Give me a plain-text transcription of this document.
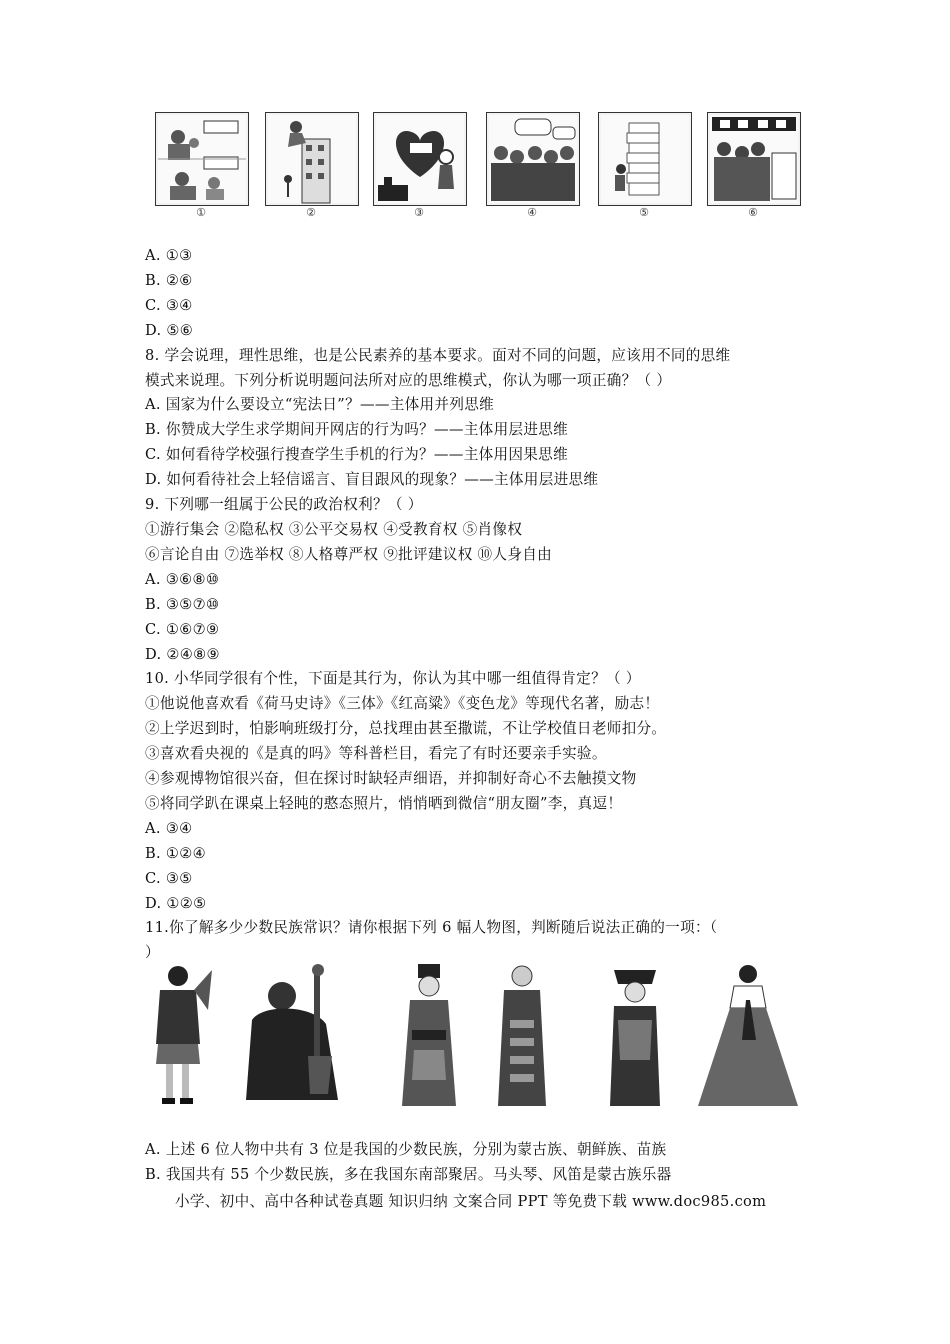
①	②	③	④	⑤	⑥
A. ①③
B. ②⑥
C. ③④
D. ⑤⑥
8. 学会说理，理性思维，也是公民素养的基本要求。面对不同的问题，应该用不同的思维
模式来说理。下列分析说明题问法所对应的思维模式，你认为哪一项正确？（ ）
A. 国家为什么要设立“宪法日”？——主体用并列思维
B. 你赞成大学生求学期间开网店的行为吗？——主体用层进思维
C. 如何看待学校强行搜查学生手机的行为？——主体用因果思维
D. 如何看待社会上轻信谣言、盲目跟风的现象？——主体用层进思维
9. 下列哪一组属于公民的政治权利？（ ）
①游行集会 ②隐私权 ③公平交易权 ④受教育权 ⑤肖像权
⑥言论自由 ⑦选举权 ⑧人格尊严权 ⑨批评建议权 ⑩人身自由
A. ③⑥⑧⑩
B. ③⑤⑦⑩
C. ①⑥⑦⑨
D. ②④⑧⑨
10. 小华同学很有个性，下面是其行为，你认为其中哪一组值得肯定？（ ）
①他说他喜欢看《荷马史诗》《三体》《红高粱》《变色龙》等现代名著，励志！
②上学迟到时，怕影响班级打分，总找理由甚至撒谎，不让学校值日老师扣分。
③喜欢看央视的《是真的吗》等科普栏目，看完了有时还要亲手实验。
④参观博物馆很兴奋，但在探讨时缺轻声细语，并抑制好奇心不去触摸文物
⑤将同学趴在课桌上轻盹的憨态照片，悄悄晒到微信“朋友圈”李，真逗！
A. ③④
B. ①②④
C. ③⑤
D. ①②⑤
11.你了解多少少数民族常识？请你根据下列 6 幅人物图，判断随后说法正确的一项：（
）
A. 上述 6 位人物中共有 3 位是我国的少数民族，分别为蒙古族、朝鲜族、苗族
B. 我国共有 55 个少数民族，多在我国东南部聚居。马头琴、风笛是蒙古族乐器
小学、初中、高中各种试卷真题 知识归纳 文案合同 PPT 等免费下载 www.doc985.com
